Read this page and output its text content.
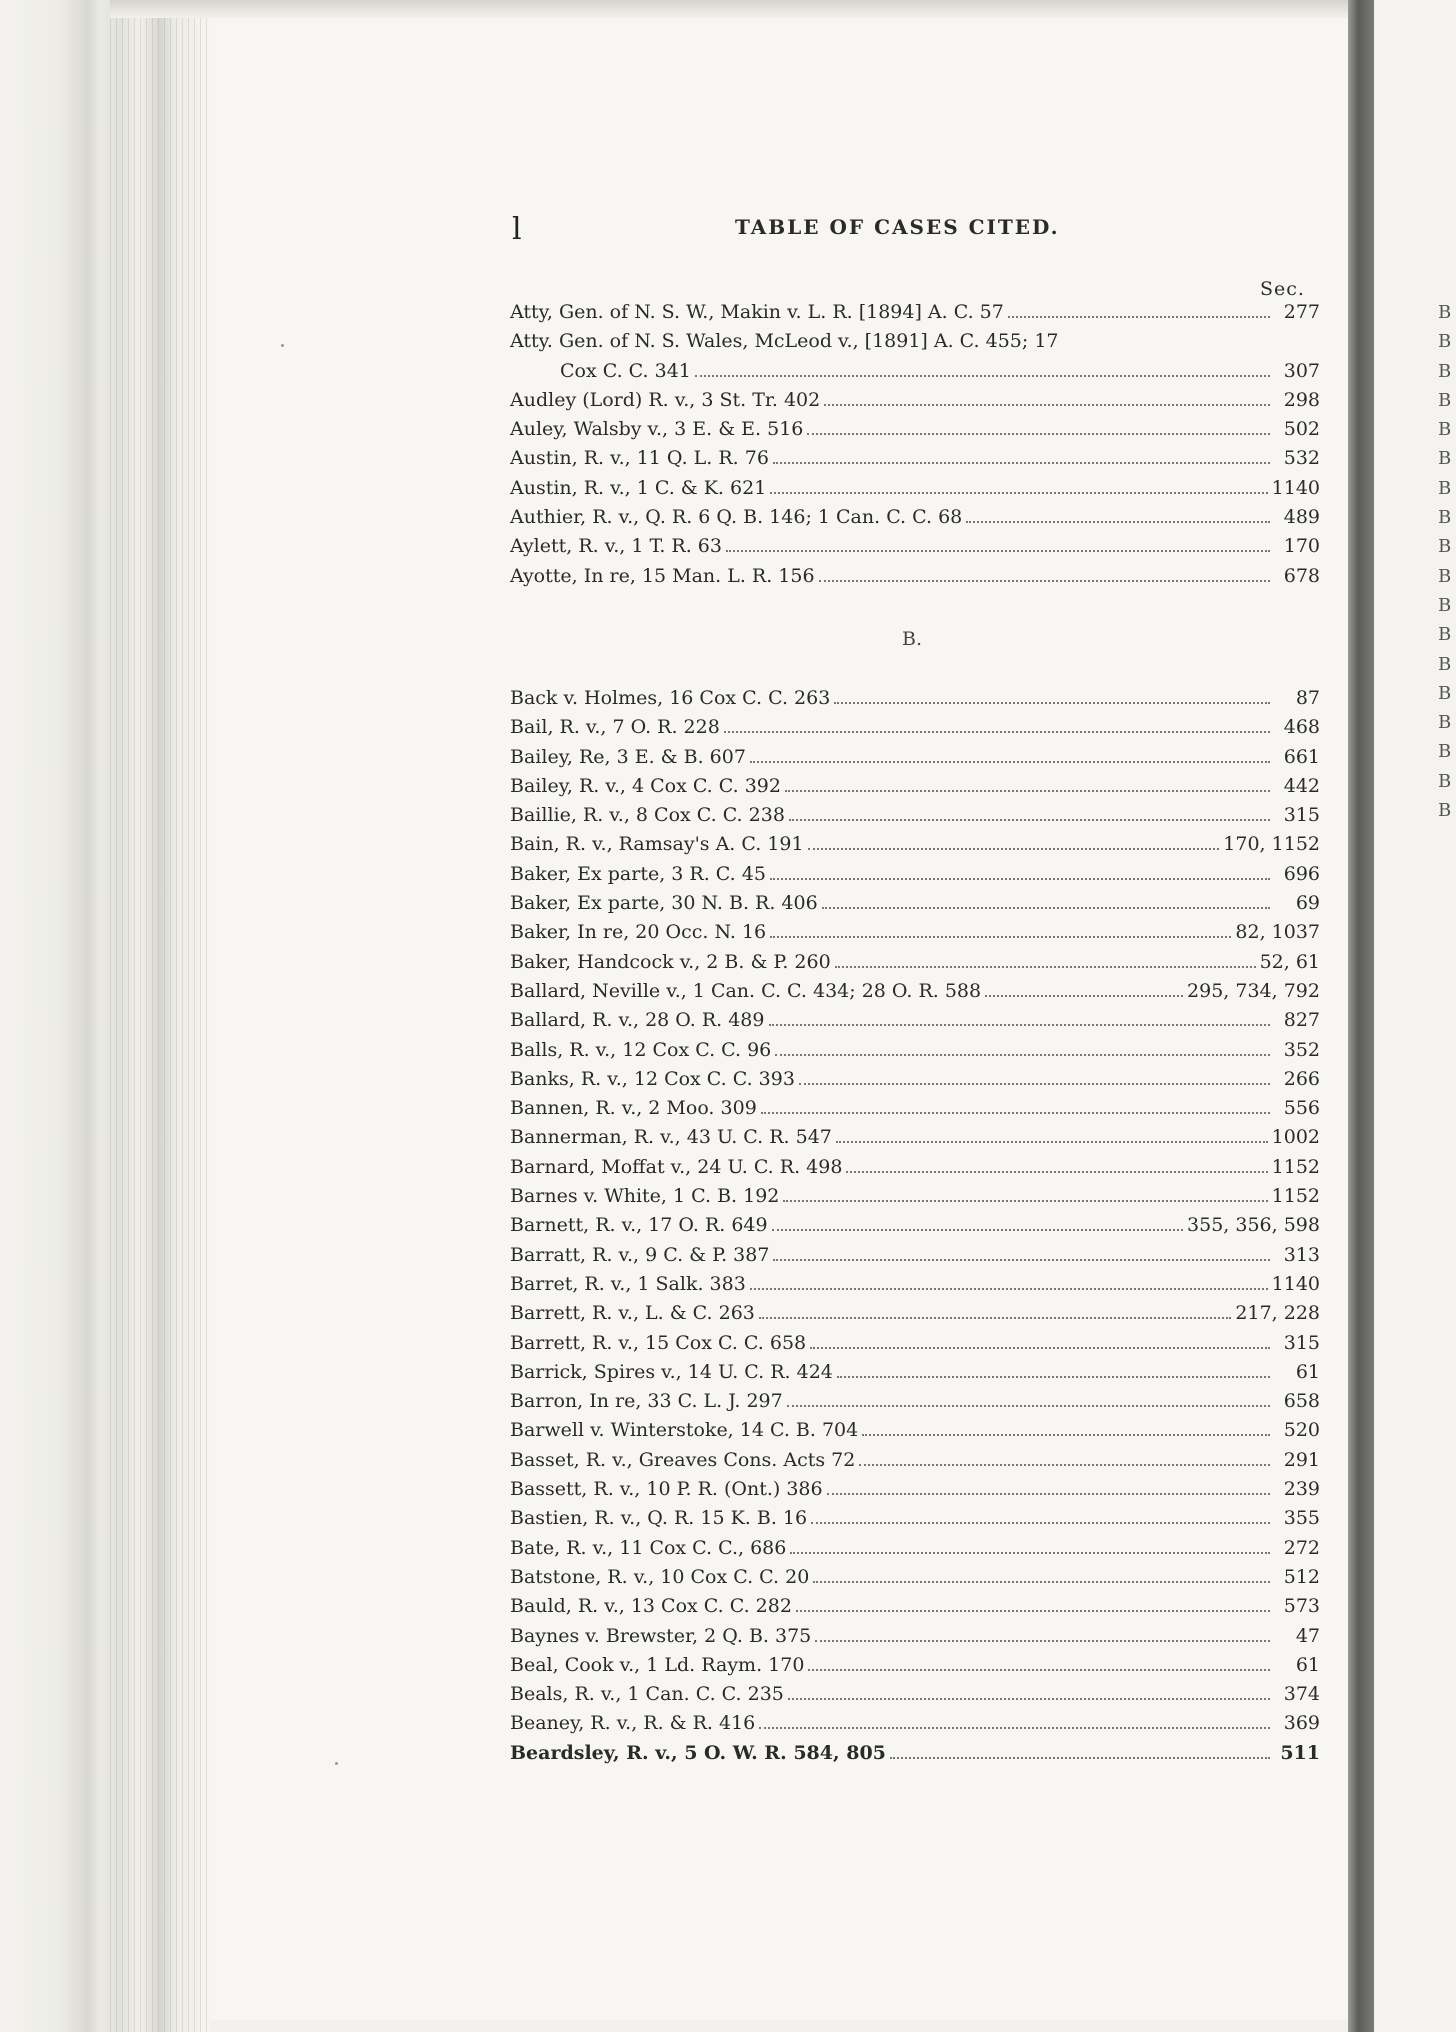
B
B
B
B
B
B
B
B
B
B
B
B
B
B
B
B
B
B
l	TABLE OF CASES CITED.
Sec.
Atty, Gen. of N. S. W., Makin v. L. R. [1894] A. C. 57	277
Atty. Gen. of N. S. Wales, McLeod v., [1891] A. C. 455; 17
Cox C. C. 341	307
Audley (Lord) R. v., 3 St. Tr. 402	298
Auley, Walsby v., 3 E. & E. 516	502
Austin, R. v., 11 Q. L. R. 76	532
Austin, R. v., 1 C. & K. 621	1140
Authier, R. v., Q. R. 6 Q. B. 146; 1 Can. C. C. 68	489
Aylett, R. v., 1 T. R. 63	170
Ayotte, In re, 15 Man. L. R. 156	678
B.
Back v. Holmes, 16 Cox C. C. 263	87
Bail, R. v., 7 O. R. 228	468
Bailey, Re, 3 E. & B. 607	661
Bailey, R. v., 4 Cox C. C. 392	442
Baillie, R. v., 8 Cox C. C. 238	315
Bain, R. v., Ramsay's A. C. 191	170, 1152
Baker, Ex parte, 3 R. C. 45	696
Baker, Ex parte, 30 N. B. R. 406	69
Baker, In re, 20 Occ. N. 16	82, 1037
Baker, Handcock v., 2 B. & P. 260	52, 61
Ballard, Neville v., 1 Can. C. C. 434; 28 O. R. 588	295, 734, 792
Ballard, R. v., 28 O. R. 489	827
Balls, R. v., 12 Cox C. C. 96	352
Banks, R. v., 12 Cox C. C. 393	266
Bannen, R. v., 2 Moo. 309	556
Bannerman, R. v., 43 U. C. R. 547	1002
Barnard, Moffat v., 24 U. C. R. 498	1152
Barnes v. White, 1 C. B. 192	1152
Barnett, R. v., 17 O. R. 649	355, 356, 598
Barratt, R. v., 9 C. & P. 387	313
Barret, R. v., 1 Salk. 383	1140
Barrett, R. v., L. & C. 263	217, 228
Barrett, R. v., 15 Cox C. C. 658	315
Barrick, Spires v., 14 U. C. R. 424	61
Barron, In re, 33 C. L. J. 297	658
Barwell v. Winterstoke, 14 C. B. 704	520
Basset, R. v., Greaves Cons. Acts 72	291
Bassett, R. v., 10 P. R. (Ont.) 386	239
Bastien, R. v., Q. R. 15 K. B. 16	355
Bate, R. v., 11 Cox C. C., 686	272
Batstone, R. v., 10 Cox C. C. 20	512
Bauld, R. v., 13 Cox C. C. 282	573
Baynes v. Brewster, 2 Q. B. 375	47
Beal, Cook v., 1 Ld. Raym. 170	61
Beals, R. v., 1 Can. C. C. 235	374
Beaney, R. v., R. & R. 416	369
Beardsley, R. v., 5 O. W. R. 584, 805	511
